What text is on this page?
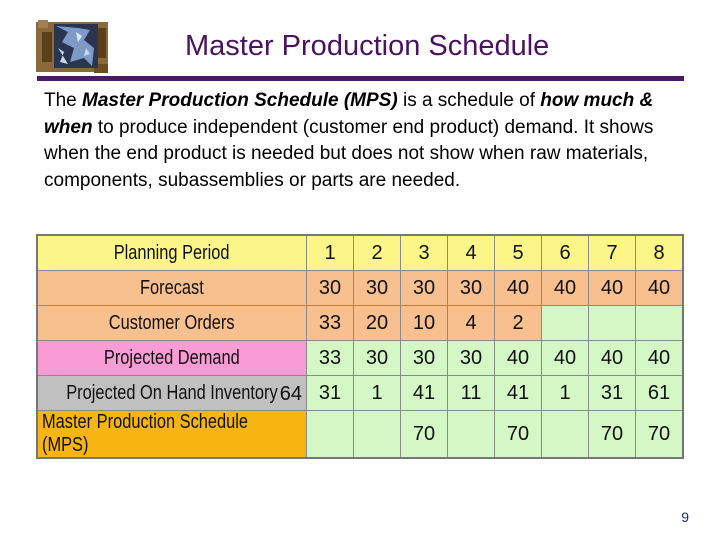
Master Production Schedule
The Master Production Schedule (MPS) is a schedule of how much & when to produce independent (customer end product) demand. It shows when the end product is needed but does not show when raw materials, components, subassemblies or parts are needed.
Planning Period	1	2	3	4	5	6	7	8
Forecast	30	30	30	30	40	40	40	40
Customer Orders	33	20	10	4	2			
Projected Demand	33	30	30	30	40	40	40	40
Projected On Hand Inventory 64	31	1	41	11	41	1	31	61
Master Production Schedule (MPS)			70		70		70	70
9
